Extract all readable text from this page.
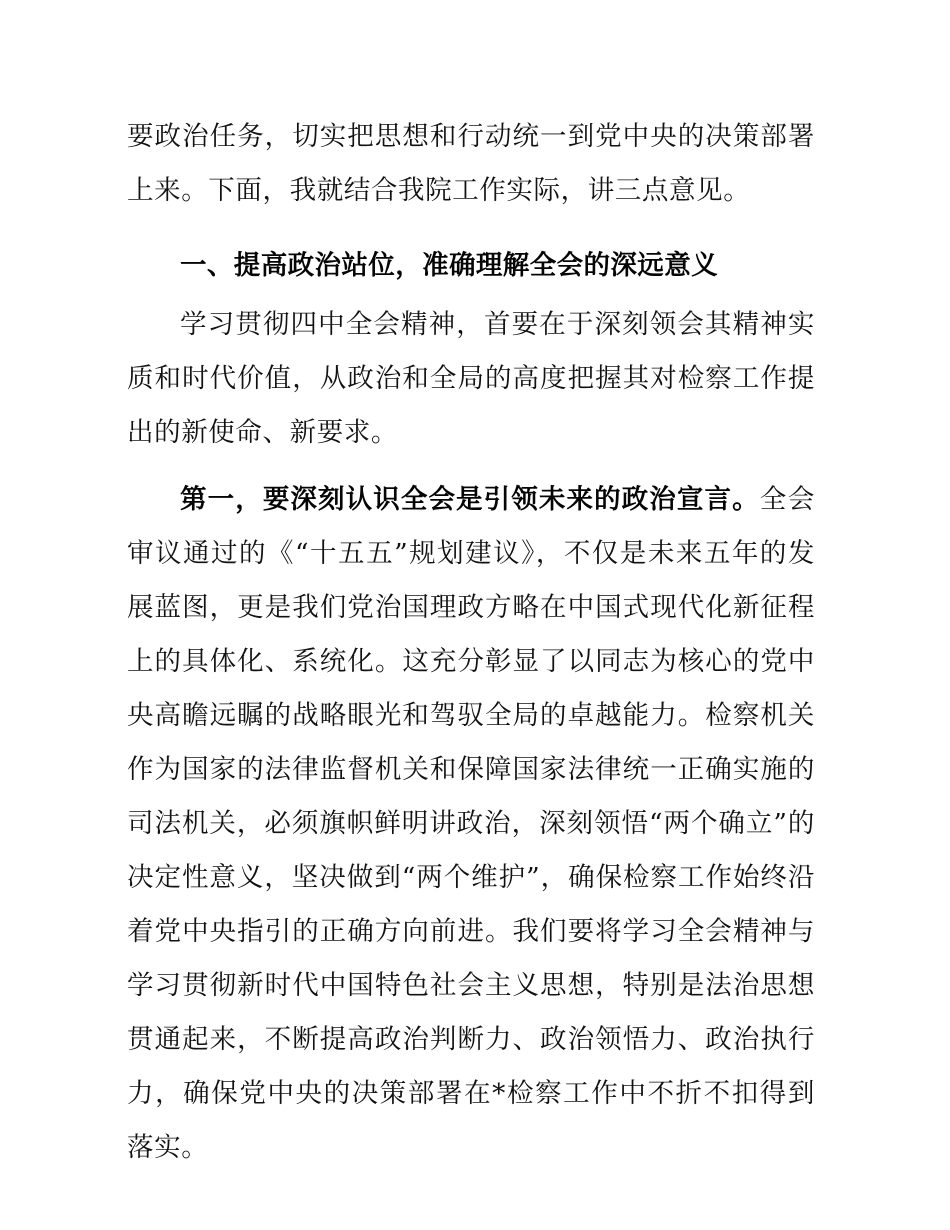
要政治任务，切实把思想和行动统一到党中央的决策部署上来。下面，我就结合我院工作实际，讲三点意见。

一、提高政治站位，准确理解全会的深远意义

学习贯彻四中全会精神，首要在于深刻领会其精神实质和时代价值，从政治和全局的高度把握其对检察工作提出的新使命、新要求。

第一，要深刻认识全会是引领未来的政治宣言。全会审议通过的《“十五五”规划建议》，不仅是未来五年的发展蓝图，更是我们党治国理政方略在中国式现代化新征程上的具体化、系统化。这充分彰显了以同志为核心的党中央高瞻远瞩的战略眼光和驾驭全局的卓越能力。检察机关作为国家的法律监督机关和保障国家法律统一正确实施的司法机关，必须旗帜鲜明讲政治，深刻领悟“两个确立”的决定性意义，坚决做到“两个维护”，确保检察工作始终沿着党中央指引的正确方向前进。我们要将学习全会精神与学习贯彻新时代中国特色社会主义思想，特别是法治思想贯通起来，不断提高政治判断力、政治领悟力、政治执行力，确保党中央的决策部署在*检察工作中不折不扣得到落实。
